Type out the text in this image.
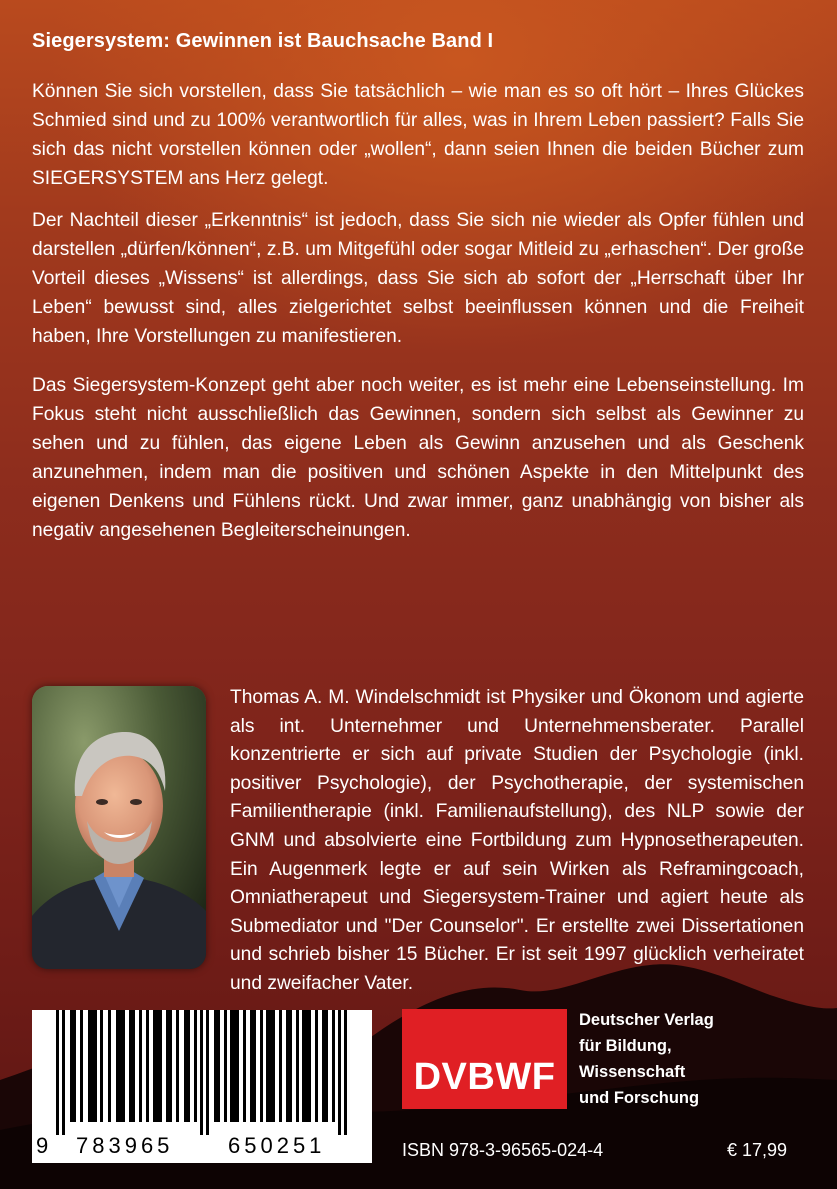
Siegersystem: Gewinnen ist Bauchsache Band I

Können Sie sich vorstellen, dass Sie tatsächlich – wie man es so oft hört – Ihres Glückes Schmied sind und zu 100% verantwortlich für alles, was in Ihrem Leben passiert? Falls Sie sich das nicht vorstellen können oder „wollen“, dann seien Ihnen die beiden Bücher zum SIEGERSYSTEM ans Herz gelegt.

Der Nachteil dieser „Erkenntnis“ ist jedoch, dass Sie sich nie wieder als Opfer fühlen und darstellen „dürfen/können“, z.B. um Mitgefühl oder sogar Mitleid zu „erhaschen“. Der große Vorteil dieses „Wissens“ ist allerdings, dass Sie sich ab sofort der „Herrschaft über Ihr Leben“ bewusst sind, alles zielgerichtet selbst beeinflussen können und die Freiheit haben, Ihre Vorstellungen zu manifestieren.

Das Siegersystem-Konzept geht aber noch weiter, es ist mehr eine Lebenseinstellung. Im Fokus steht nicht ausschließlich das Gewinnen, sondern sich selbst als Gewinner zu sehen und zu fühlen, das eigene Leben als Gewinn anzusehen und als Geschenk anzunehmen, indem man die positiven und schönen Aspekte in den Mittelpunkt des eigenen Denkens und Fühlens rückt. Und zwar immer, ganz unabhängig von bisher als negativ angesehenen Begleiterscheinungen.

Thomas A. M. Windelschmidt ist Physiker und Ökonom und agierte als int. Unternehmer und Unternehmensberater. Parallel konzentrierte er sich auf private Studien der Psychologie (inkl. positiver Psychologie), der Psychotherapie, der systemischen Familientherapie (inkl. Familienaufstellung), des NLP sowie der GNM und absolvierte eine Fortbildung zum Hypnosetherapeuten. Ein Augenmerk legte er auf sein Wirken als Reframingcoach, Omniatherapeut und Siegersystem-Trainer und agiert heute als Submediator und "Der Counselor". Er erstellte zwei Dissertationen und schrieb bisher 15 Bücher. Er ist seit 1997 glücklich verheiratet und zweifacher Vater.

9 783965 650251
DVBWF
Deutscher Verlag
für Bildung,
Wissenschaft
und Forschung
ISBN 978-3-96565-024-4	€ 17,99
